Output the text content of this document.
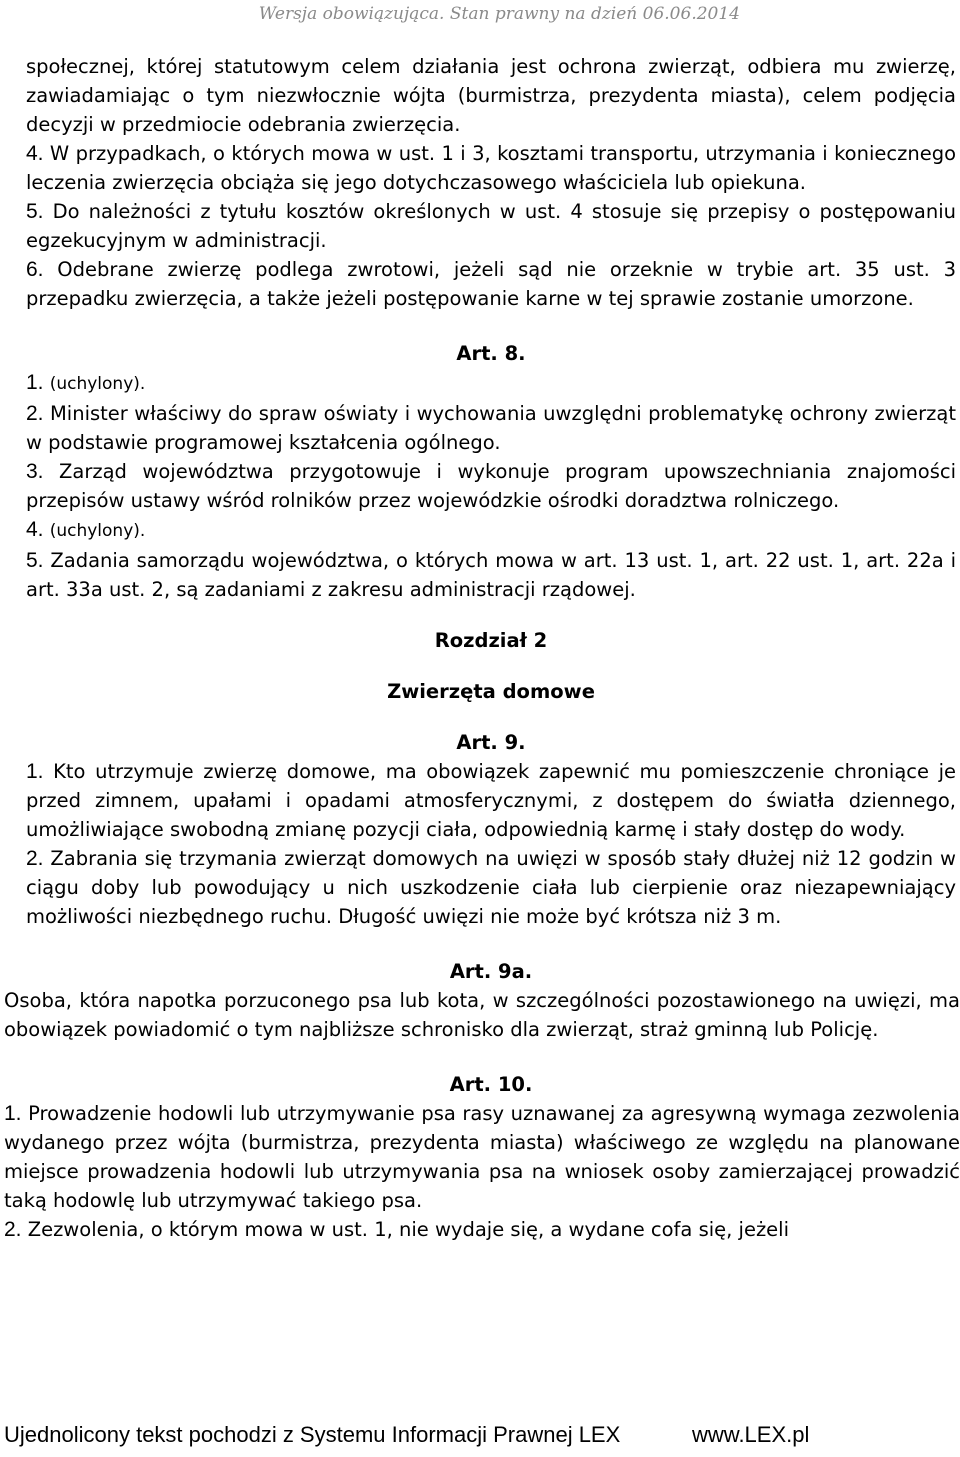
Wersja obowiązująca. Stan prawny na dzień 06.06.2014

społecznej, której statutowym celem działania jest ochrona zwierząt, odbiera mu zwierzę, zawiadamiając o tym niezwłocznie wójta (burmistrza, prezydenta miasta), celem podjęcia decyzji w przedmiocie odebrania zwierzęcia.

4. W przypadkach, o których mowa w ust. 1 i 3, kosztami transportu, utrzymania i koniecznego leczenia zwierzęcia obciąża się jego dotychczasowego właściciela lub opiekuna.

5. Do należności z tytułu kosztów określonych w ust. 4 stosuje się przepisy o postępowaniu egzekucyjnym w administracji.

6. Odebrane zwierzę podlega zwrotowi, jeżeli sąd nie orzeknie w trybie art. 35 ust. 3 przepadku zwierzęcia, a także jeżeli postępowanie karne w tej sprawie zostanie umorzone.

Art. 8.

1. (uchylony).

2. Minister właściwy do spraw oświaty i wychowania uwzględni problematykę ochrony zwierząt w podstawie programowej kształcenia ogólnego.

3. Zarząd województwa przygotowuje i wykonuje program upowszechniania znajomości przepisów ustawy wśród rolników przez wojewódzkie ośrodki doradztwa rolniczego.

4. (uchylony).

5. Zadania samorządu województwa, o których mowa w art. 13 ust. 1, art. 22 ust. 1, art. 22a i art. 33a ust. 2, są zadaniami z zakresu administracji rządowej.

Rozdział 2

Zwierzęta domowe

Art. 9.

1. Kto utrzymuje zwierzę domowe, ma obowiązek zapewnić mu pomieszczenie chroniące je przed zimnem, upałami i opadami atmosferycznymi, z dostępem do światła dziennego, umożliwiające swobodną zmianę pozycji ciała, odpowiednią karmę i stały dostęp do wody.

2. Zabrania się trzymania zwierząt domowych na uwięzi w sposób stały dłużej niż 12 godzin w ciągu doby lub powodujący u nich uszkodzenie ciała lub cierpienie oraz niezapewniający możliwości niezbędnego ruchu. Długość uwięzi nie może być krótsza niż 3 m.

Art. 9a.

Osoba, która napotka porzuconego psa lub kota, w szczególności pozostawionego na uwięzi, ma obowiązek powiadomić o tym najbliższe schronisko dla zwierząt, straż gminną lub Policję.

Art. 10.

1. Prowadzenie hodowli lub utrzymywanie psa rasy uznawanej za agresywną wymaga zezwolenia wydanego przez wójta (burmistrza, prezydenta miasta) właściwego ze względu na planowane miejsce prowadzenia hodowli lub utrzymywania psa na wniosek osoby zamierzającej prowadzić taką hodowlę lub utrzymywać takiego psa.

2. Zezwolenia, o którym mowa w ust. 1, nie wydaje się, a wydane cofa się, jeżeli

Ujednolicony tekst pochodzi z Systemu Informacji Prawnej LEX	www.LEX.pl
